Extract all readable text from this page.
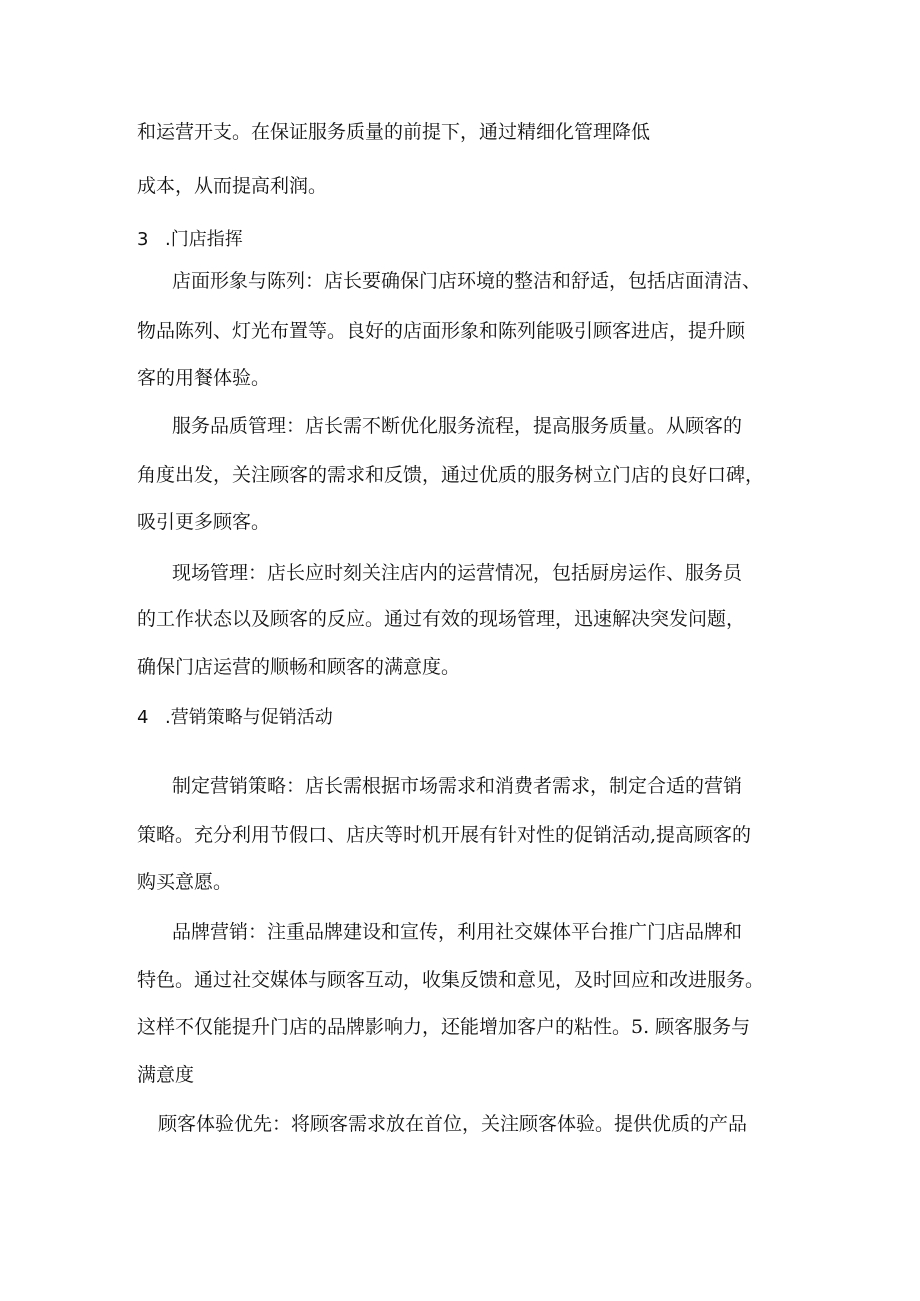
和运营开支。在保证服务质量的前提下，通过精细化管理降低
成本，从而提高利润。
3 .门店指挥
店面形象与陈列：店长要确保门店环境的整洁和舒适，包括店面清洁、
物品陈列、灯光布置等。良好的店面形象和陈列能吸引顾客进店，提升顾
客的用餐体验。
服务品质管理：店长需不断优化服务流程，提高服务质量。从顾客的
角度出发，关注顾客的需求和反馈，通过优质的服务树立门店的良好口碑，
吸引更多顾客。
现场管理：店长应时刻关注店内的运营情况，包括厨房运作、服务员
的工作状态以及顾客的反应。通过有效的现场管理，迅速解决突发问题，
确保门店运营的顺畅和顾客的满意度。
4 .营销策略与促销活动
制定营销策略：店长需根据市场需求和消费者需求，制定合适的营销
策略。充分利用节假口、店庆等时机开展有针对性的促销活动,提高顾客的
购买意愿。
品牌营销：注重品牌建设和宣传，利用社交媒体平台推广门店品牌和
特色。通过社交媒体与顾客互动，收集反馈和意见，及时回应和改进服务。
这样不仅能提升门店的品牌影响力，还能增加客户的粘性。5. 顾客服务与
满意度
顾客体验优先：将顾客需求放在首位，关注顾客体验。提供优质的产品
